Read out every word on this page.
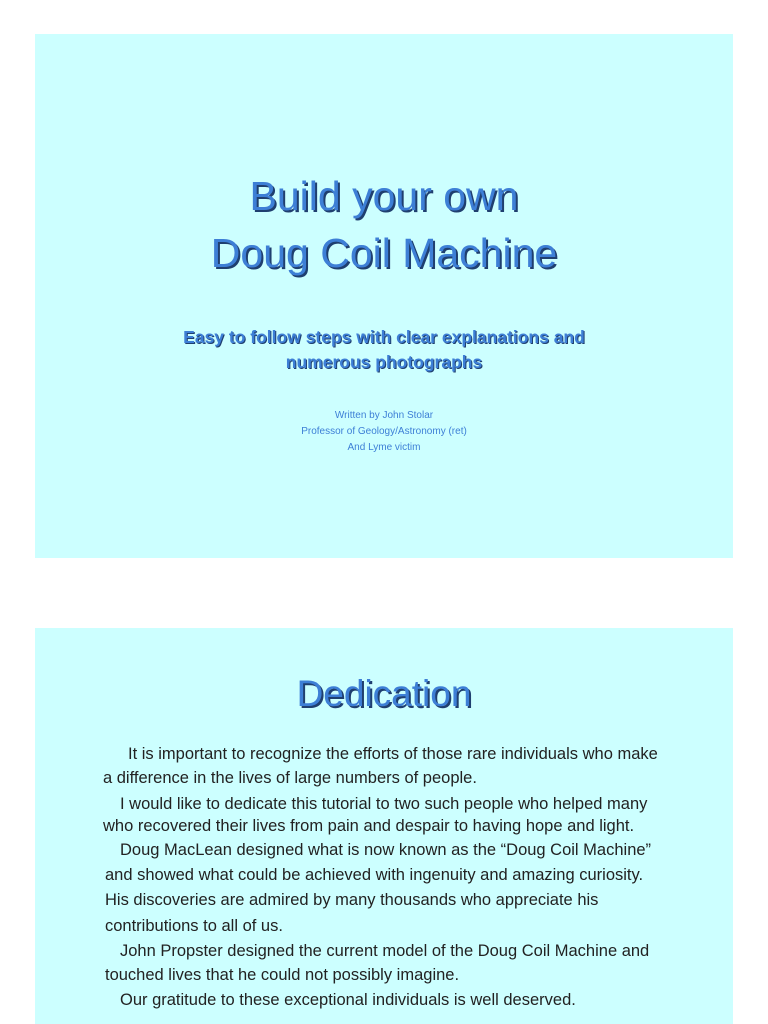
Build your own
Doug Coil Machine
Easy to follow steps with clear explanations and
numerous photographs
Written by John Stolar
Professor of Geology/Astronomy (ret)
And Lyme victim
Dedication
It is important to recognize the efforts of those rare individuals who make
a difference in the lives of large numbers of people.
I would like to dedicate this tutorial to two such people who helped many
who recovered their lives from pain and despair to having hope and light.
Doug MacLean designed what is now known as the “Doug Coil Machine”
and showed what could be achieved with ingenuity and amazing curiosity.
His discoveries are admired by many thousands who appreciate his
contributions to all of us.
John Propster designed the current model of the Doug Coil Machine and
touched lives that he could not possibly imagine.
Our gratitude to these exceptional individuals is well deserved.
